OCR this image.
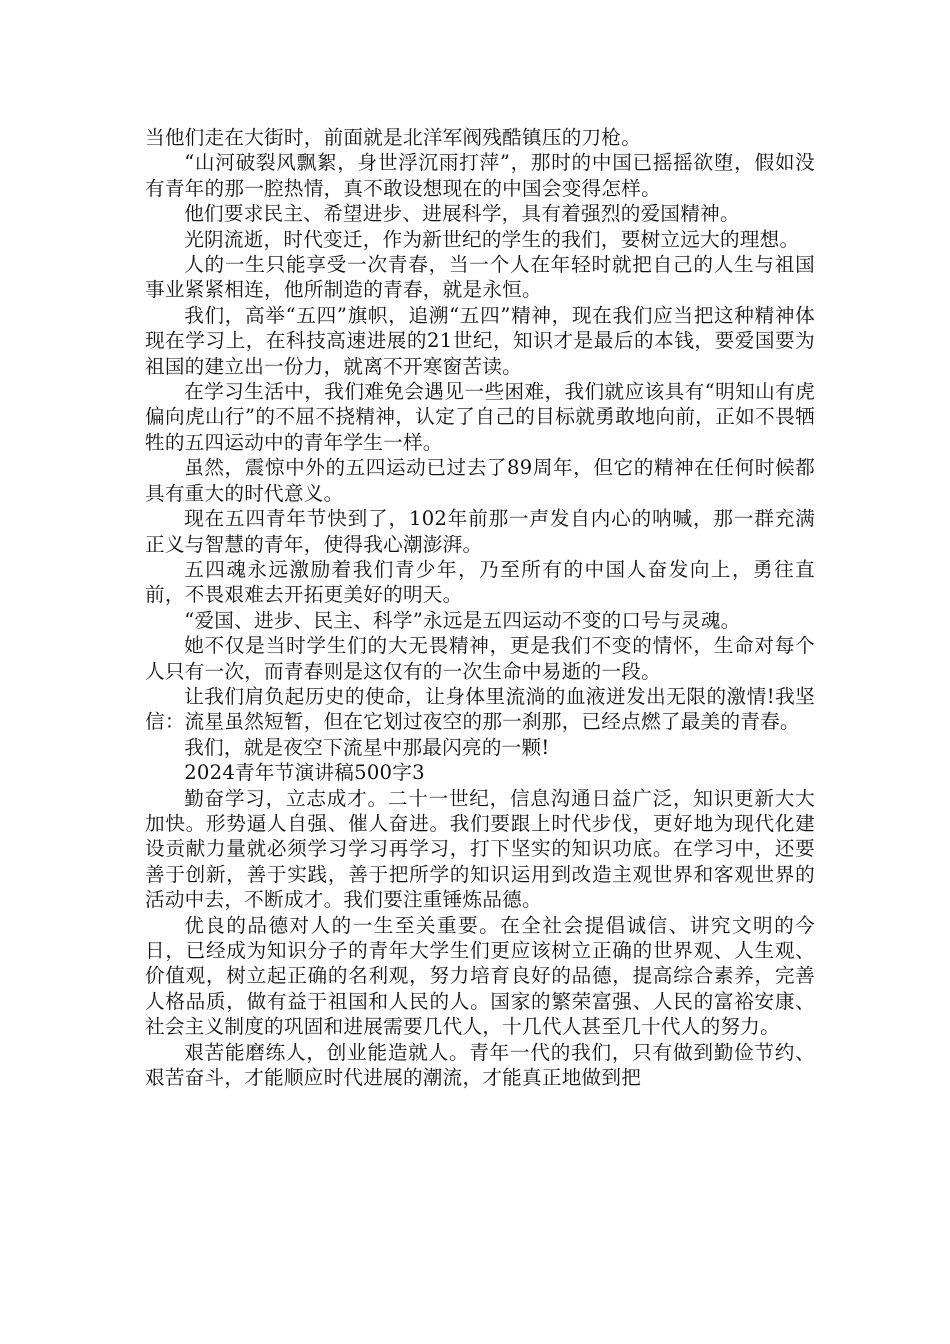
当他们走在大街时，前面就是北洋军阀残酷镇压的刀枪。

“山河破裂风飘絮，身世浮沉雨打萍”，那时的中国已摇摇欲堕，假如没有青年的那一腔热情，真不敢设想现在的中国会变得怎样。

他们要求民主、希望进步、进展科学，具有着强烈的爱国精神。

光阴流逝，时代变迁，作为新世纪的学生的我们，要树立远大的理想。

人的一生只能享受一次青春，当一个人在年轻时就把自己的人生与祖国事业紧紧相连，他所制造的青春，就是永恒。

我们，高举“五四”旗帜，追溯“五四”精神，现在我们应当把这种精神体现在学习上，在科技高速进展的21世纪，知识才是最后的本钱，要爱国要为祖国的建立出一份力，就离不开寒窗苦读。

在学习生活中，我们难免会遇见一些困难，我们就应该具有“明知山有虎偏向虎山行”的不屈不挠精神，认定了自己的目标就勇敢地向前，正如不畏牺牲的五四运动中的青年学生一样。

虽然，震惊中外的五四运动已过去了89周年，但它的精神在任何时候都具有重大的时代意义。

现在五四青年节快到了，102年前那一声发自内心的呐喊，那一群充满正义与智慧的青年，使得我心潮澎湃。

五四魂永远激励着我们青少年，乃至所有的中国人奋发向上，勇往直前，不畏艰难去开拓更美好的明天。

“爱国、进步、民主、科学”永远是五四运动不变的口号与灵魂。

她不仅是当时学生们的大无畏精神，更是我们不变的情怀，生命对每个人只有一次，而青春则是这仅有的一次生命中易逝的一段。

让我们肩负起历史的使命，让身体里流淌的血液迸发出无限的激情!我坚信：流星虽然短暂，但在它划过夜空的那一刹那，已经点燃了最美的青春。

我们，就是夜空下流星中那最闪亮的一颗!

2024青年节演讲稿500字3

勤奋学习，立志成才。二十一世纪，信息沟通日益广泛，知识更新大大加快。形势逼人自强、催人奋进。我们要跟上时代步伐，更好地为现代化建设贡献力量就必须学习学习再学习，打下坚实的知识功底。在学习中，还要善于创新，善于实践，善于把所学的知识运用到改造主观世界和客观世界的活动中去，不断成才。我们要注重锤炼品德。

优良的品德对人的一生至关重要。在全社会提倡诚信、讲究文明的今日，已经成为知识分子的青年大学生们更应该树立正确的世界观、人生观、价值观，树立起正确的名利观，努力培育良好的品德，提高综合素养，完善人格品质，做有益于祖国和人民的人。国家的繁荣富强、人民的富裕安康、社会主义制度的巩固和进展需要几代人，十几代人甚至几十代人的努力。

艰苦能磨练人，创业能造就人。青年一代的我们，只有做到勤俭节约、艰苦奋斗，才能顺应时代进展的潮流，才能真正地做到把
